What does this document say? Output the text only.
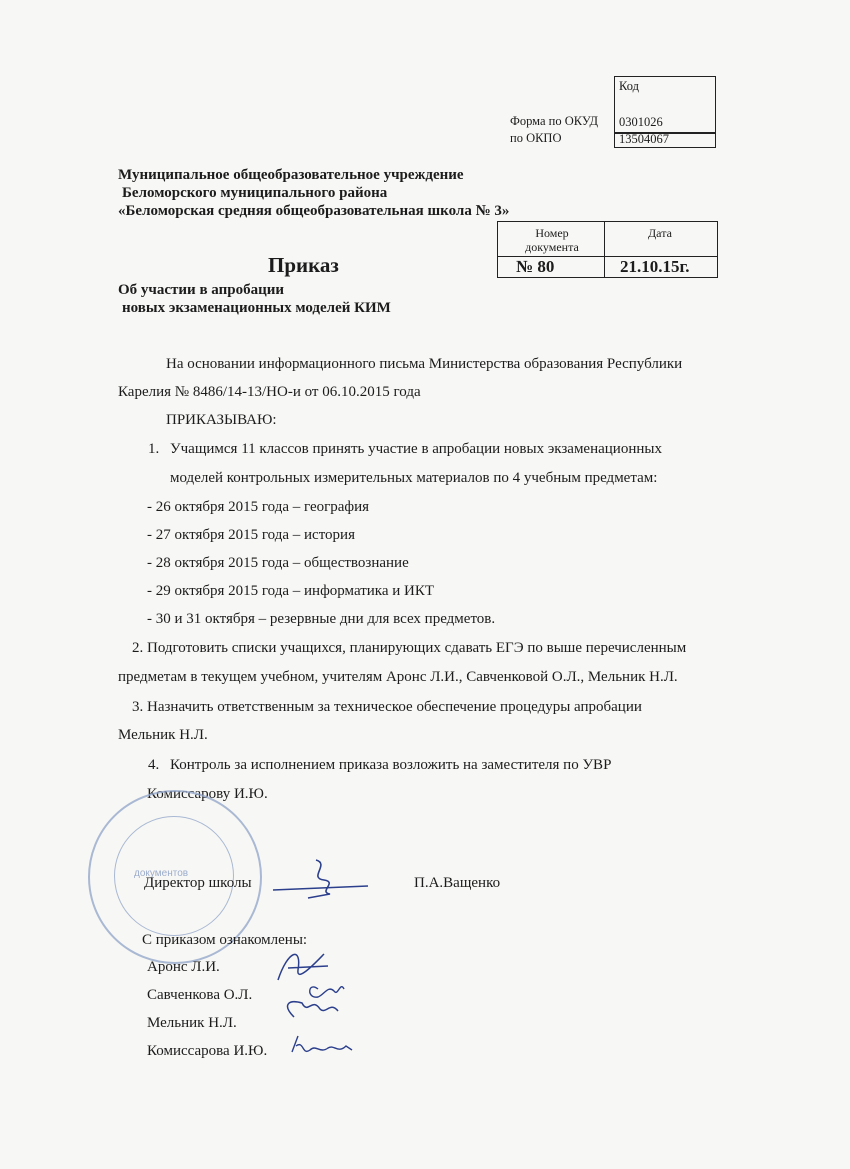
Код
0301026
13504067
Форма по ОКУД
по ОКПО
Муниципальное общеобразовательное учреждение
Беломорского муниципального района
«Беломорская средняя общеобразовательная школа № 3»
Номер документа
Дата
№ 80	21.10.15г.
Приказ
Об участии в апробации
новых экзаменационных моделей КИМ
На основании информационного письма Министерства образования Республики
Карелия № 8486/14-13/НО-и от 06.10.2015 года
ПРИКАЗЫВАЮ:
1. Учащимся 11 классов принять участие в апробации новых экзаменационных
моделей контрольных измерительных материалов по 4 учебным предметам:
- 26 октября 2015 года – география
- 27 октября 2015 года – история
- 28 октября 2015 года – обществознание
- 29 октября 2015 года – информатика и ИКТ
- 30 и 31 октября – резервные дни для всех предметов.
2. Подготовить списки учащихся, планирующих сдавать ЕГЭ по выше перечисленным
предметам в текущем учебном, учителям Аронс Л.И., Савченковой О.Л., Мельник Н.Л.
3. Назначить ответственным за техническое обеспечение процедуры апробации
Мельник Н.Л.
4. Контроль за исполнением приказа возложить на заместителя по УВР
Комиссарову И.Ю.
документов
Директор школы	П.А.Ващенко
С приказом ознакомлены:
Аронс Л.И.
Савченкова О.Л.
Мельник Н.Л.
Комиссарова И.Ю.
